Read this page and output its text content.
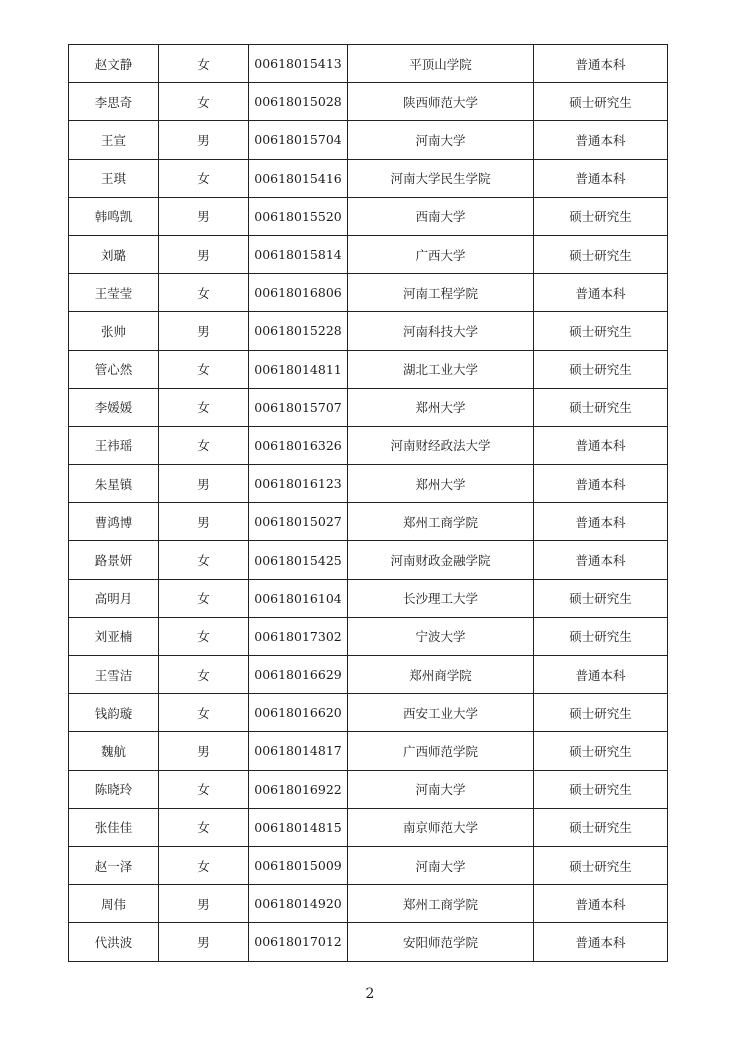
赵文静	女	00618015413	平顶山学院	普通本科
李思奇	女	00618015028	陕西师范大学	硕士研究生
王宣	男	00618015704	河南大学	普通本科
王琪	女	00618015416	河南大学民生学院	普通本科
韩鸣凯	男	00618015520	西南大学	硕士研究生
刘璐	男	00618015814	广西大学	硕士研究生
王莹莹	女	00618016806	河南工程学院	普通本科
张帅	男	00618015228	河南科技大学	硕士研究生
管心然	女	00618014811	湖北工业大学	硕士研究生
李媛媛	女	00618015707	郑州大学	硕士研究生
王祎瑶	女	00618016326	河南财经政法大学	普通本科
朱星镇	男	00618016123	郑州大学	普通本科
曹鸿博	男	00618015027	郑州工商学院	普通本科
路景妍	女	00618015425	河南财政金融学院	普通本科
高明月	女	00618016104	长沙理工大学	硕士研究生
刘亚楠	女	00618017302	宁波大学	硕士研究生
王雪洁	女	00618016629	郑州商学院	普通本科
钱韵璇	女	00618016620	西安工业大学	硕士研究生
魏航	男	00618014817	广西师范学院	硕士研究生
陈晓玲	女	00618016922	河南大学	硕士研究生
张佳佳	女	00618014815	南京师范大学	硕士研究生
赵一泽	女	00618015009	河南大学	硕士研究生
周伟	男	00618014920	郑州工商学院	普通本科
代洪波	男	00618017012	安阳师范学院	普通本科
2
